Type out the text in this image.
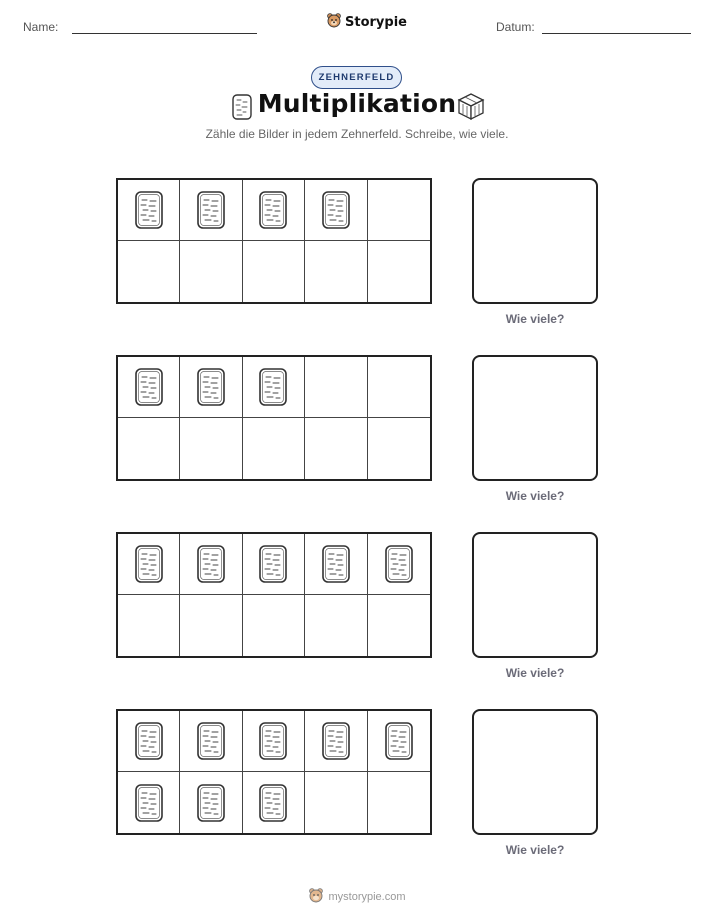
Name:	Storypie	Datum:
ZEHNERFELD
Multiplikation
Zähle die Bilder in jedem Zehnerfeld. Schreibe, wie viele.
Wie viele?
Wie viele?
Wie viele?
Wie viele?
mystorypie.com
